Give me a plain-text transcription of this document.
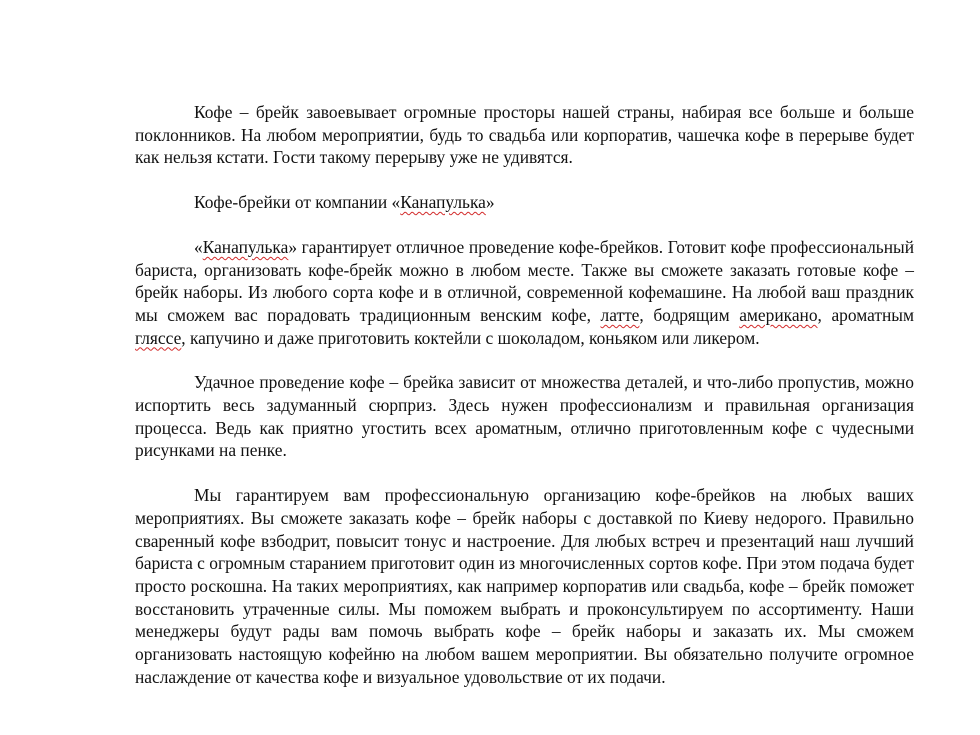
Кофе – брейк завоевывает огромные просторы нашей страны, набирая все больше и больше поклонников. На любом мероприятии, будь то свадьба или корпоратив, чашечка кофе в перерыве будет как нельзя кстати. Гости такому перерыву уже не удивятся.

Кофе-брейки от компании «Канапулька»

«Канапулька» гарантирует отличное проведение кофе-брейков. Готовит кофе профессиональный бариста, организовать кофе-брейк можно в любом месте. Также вы сможете заказать готовые кофе – брейк наборы. Из любого сорта кофе и в отличной, современной кофемашине. На любой ваш праздник мы сможем вас порадовать традиционным венским кофе, латте, бодрящим американо, ароматным гляссе, капучино и даже приготовить коктейли с шоколадом, коньяком или ликером.

Удачное проведение кофе – брейка зависит от множества деталей, и что-либо пропустив, можно испортить весь задуманный сюрприз. Здесь нужен профессионализм и правильная организация процесса. Ведь как приятно угостить всех ароматным, отлично приготовленным кофе с чудесными рисунками на пенке.

Мы гарантируем вам профессиональную организацию кофе-брейков на любых ваших мероприятиях. Вы сможете заказать кофе – брейк наборы с доставкой по Киеву недорого. Правильно сваренный кофе взбодрит, повысит тонус и настроение. Для любых встреч и презентаций наш лучший бариста с огромным старанием приготовит один из многочисленных сортов кофе. При этом подача будет просто роскошна. На таких мероприятиях, как например корпоратив или свадьба, кофе – брейк поможет восстановить утраченные силы. Мы поможем выбрать и проконсультируем по ассортименту. Наши менеджеры будут рады вам помочь выбрать кофе – брейк наборы и заказать их. Мы сможем организовать настоящую кофейню на любом вашем мероприятии. Вы обязательно получите огромное наслаждение от качества кофе и визуальное удовольствие от их подачи.
